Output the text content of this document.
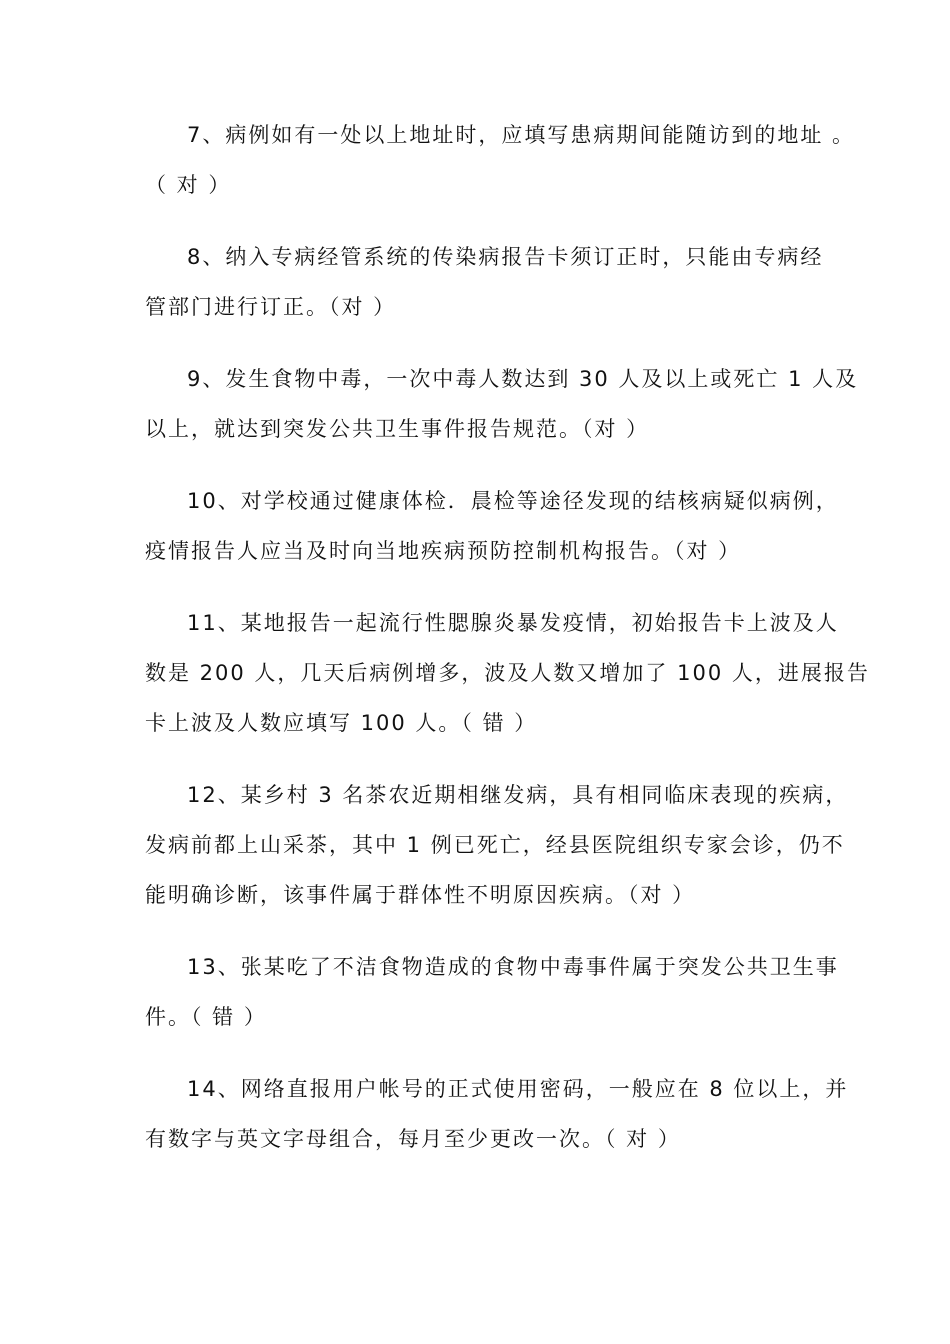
7、病例如有一处以上地址时，应填写患病期间能随访到的地址 。
（ 对 ）
8、纳入专病经管系统的传染病报告卡须订正时，只能由专病经
管部门进行订正。（对 ）
9、发生食物中毒，一次中毒人数达到 30 人及以上或死亡 1 人及
以上，就达到突发公共卫生事件报告规范。（对 ）
10、对学校通过健康体检．晨检等途径发现的结核病疑似病例，
疫情报告人应当及时向当地疾病预防控制机构报告。（对 ）
11、某地报告一起流行性腮腺炎暴发疫情，初始报告卡上波及人
数是 200 人，几天后病例增多，波及人数又增加了 100 人，进展报告
卡上波及人数应填写 100 人。（ 错 ）
12、某乡村 3 名茶农近期相继发病，具有相同临床表现的疾病，
发病前都上山采茶，其中 1 例已死亡，经县医院组织专家会诊，仍不
能明确诊断，该事件属于群体性不明原因疾病。（对 ）
13、张某吃了不洁食物造成的食物中毒事件属于突发公共卫生事
件。（ 错 ）
14、网络直报用户帐号的正式使用密码，一般应在 8 位以上，并
有数字与英文字母组合，每月至少更改一次。（ 对 ）
